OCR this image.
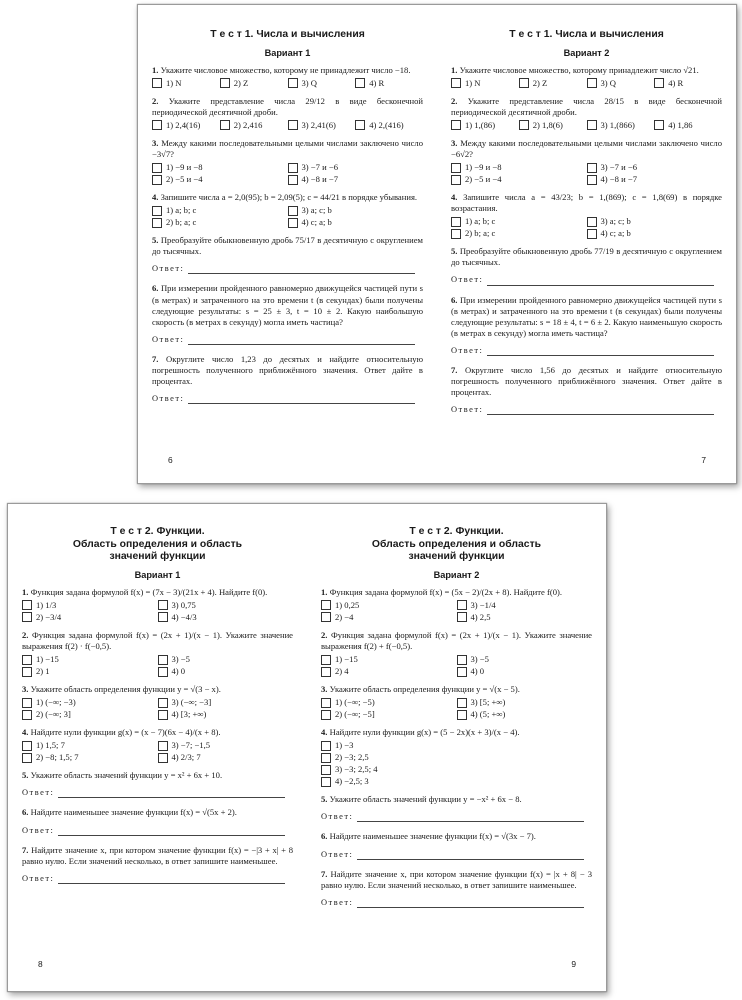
Т е с т 1. Числа и вычисления
Вариант 1
1. Укажите числовое множество, которому не принадлежит число −18.
1) N	2) Z	3) Q	4) R
2. Укажите представление числа 29/12 в виде бесконечной периодической десятичной дроби.
1) 2,4(16)	2) 2,416	3) 2,41(6)	4) 2,(416)
3. Между какими последовательными целыми числами заключено число −3√7?
1) −9 и −8	3) −7 и −6
2) −5 и −4	4) −8 и −7
4. Запишите числа a = 2,0(95); b = 2,09(5); c = 44/21 в порядке убывания.
1) a; b; c	3) a; c; b
2) b; a; c	4) c; a; b
5. Преобразуйте обыкновенную дробь 75/17 в десятичную с округлением до тысячных.
Ответ:
6. При измерении пройденного равномерно движущейся частицей пути s (в метрах) и затраченного на это времени t (в секундах) были получены следующие результаты: s = 25 ± 3, t = 10 ± 2. Какую наибольшую скорость (в метрах в секунду) могла иметь частица?
Ответ:
7. Округлите число 1,23 до десятых и найдите относительную погрешность полученного приближённого значения. Ответ дайте в процентах.
Ответ:
6
Т е с т 1. Числа и вычисления
Вариант 2
1. Укажите числовое множество, которому принадлежит число √21.
1) N	2) Z	3) Q	4) R
2. Укажите представление числа 28/15 в виде бесконечной периодической десятичной дроби.
1) 1,(86)	2) 1,8(6)	3) 1,(866)	4) 1,86
3. Между какими последовательными целыми числами заключено число −6√2?
1) −9 и −8	3) −7 и −6
2) −5 и −4	4) −8 и −7
4. Запишите числа a = 43/23; b = 1,(869); c = 1,8(69) в порядке возрастания.
1) a; b; c	3) a; c; b
2) b; a; c	4) c; a; b
5. Преобразуйте обыкновенную дробь 77/19 в десятичную с округлением до тысячных.
Ответ:
6. При измерении пройденного равномерно движущейся частицей пути s (в метрах) и затраченного на это времени t (в секундах) были получены следующие результаты: s = 18 ± 4, t = 6 ± 2. Какую наименьшую скорость (в метрах в секунду) могла иметь частица?
Ответ:
7. Округлите число 1,56 до десятых и найдите относительную погрешность полученного приближённого значения. Ответ дайте в процентах.
Ответ:
7
Т е с т 2. Функции.
Область определения и область
значений функции
Вариант 1
1. Функция задана формулой f(x) = (7x − 3)/(21x + 4). Найдите f(0).
1) 1/3	3) 0,75
2) −3/4	4) −4/3
2. Функция задана формулой f(x) = (2x + 1)/(x − 1). Укажите значение выражения f(2) · f(−0,5).
1) −15	3) −5
2) 1	4) 0
3. Укажите область определения функции y = √(3 − x).
1) (−∞; −3)	3) (−∞; −3]
2) (−∞; 3]	4) [3; +∞)
4. Найдите нули функции g(x) = (x − 7)(6x − 4)/(x + 8).
1) 1,5; 7	3) −7; −1,5
2) −8; 1,5; 7	4) 2/3; 7
5. Укажите область значений функции y = x² + 6x + 10.
Ответ:
6. Найдите наименьшее значение функции f(x) = √(5x + 2).
Ответ:
7. Найдите значение x, при котором значение функции f(x) = −|3 + x| + 8 равно нулю. Если значений несколько, в ответ запишите наименьшее.
Ответ:
8
Т е с т 2. Функции.
Область определения и область
значений функции
Вариант 2
1. Функция задана формулой f(x) = (5x − 2)/(2x + 8). Найдите f(0).
1) 0,25	3) −1/4
2) −4	4) 2,5
2. Функция задана формулой f(x) = (2x + 1)/(x − 1). Укажите значение выражения f(2) + f(−0,5).
1) −15	3) −5
2) 4	4) 0
3. Укажите область определения функции y = √(x − 5).
1) (−∞; −5)	3) [5; +∞)
2) (−∞; −5]	4) (5; +∞)
4. Найдите нули функции g(x) = (5 − 2x)(x + 3)/(x − 4).
1) −3
2) −3; 2,5
3) −3; 2,5; 4
4) −2,5; 3
5. Укажите область значений функции y = −x² + 6x − 8.
Ответ:
6. Найдите наименьшее значение функции f(x) = √(3x − 7).
Ответ:
7. Найдите значение x, при котором значение функции f(x) = |x + 8| − 3 равно нулю. Если значений несколько, в ответ запишите наименьшее.
Ответ:
9
